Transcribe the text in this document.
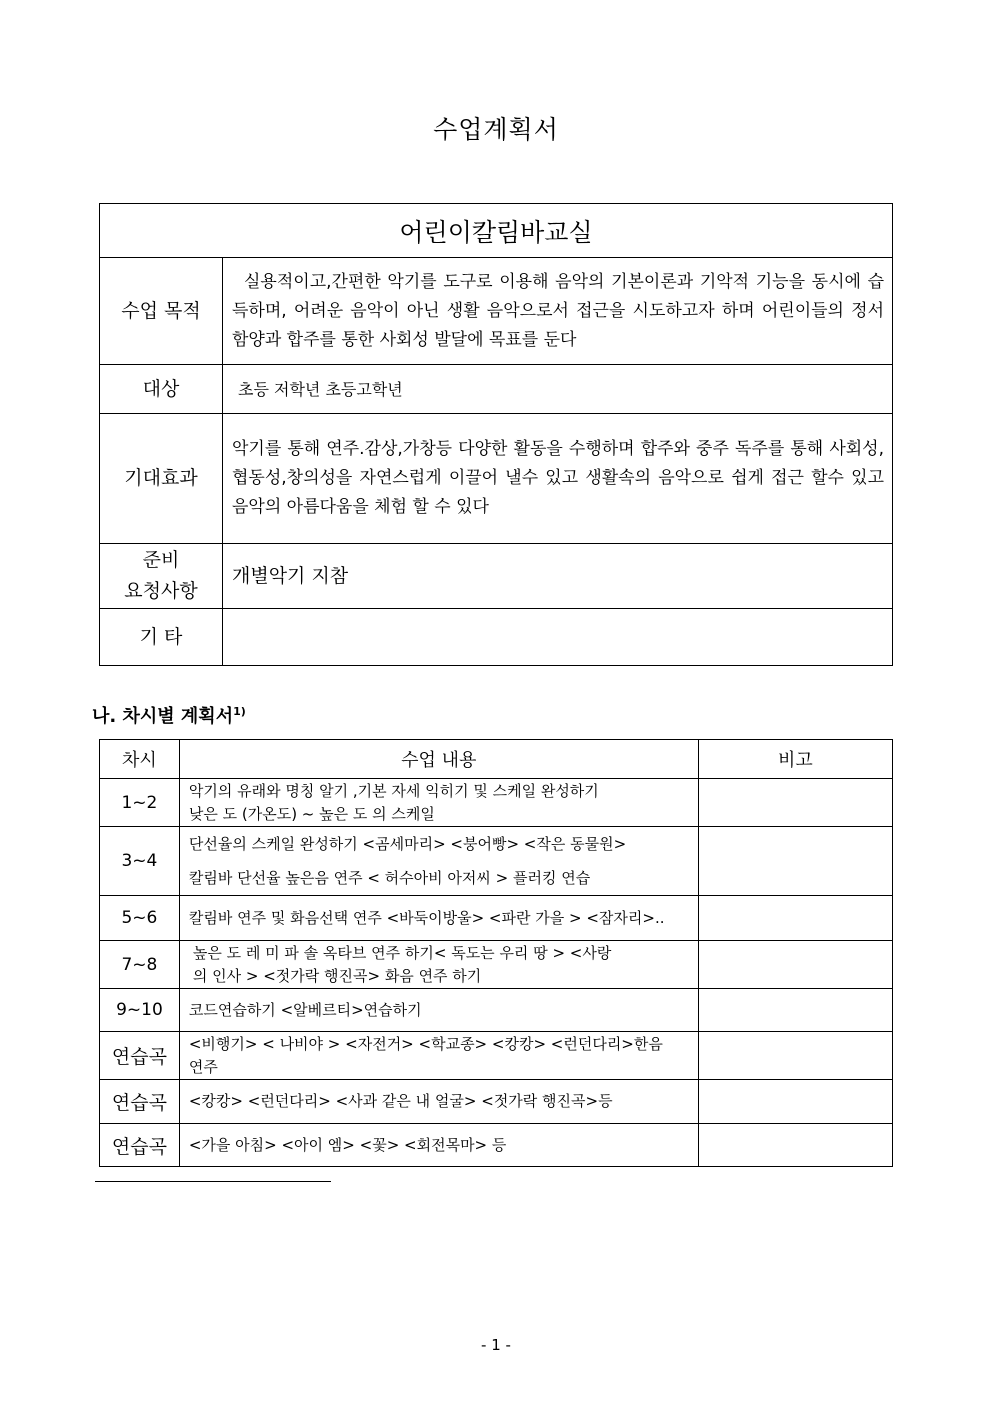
수업계획서
어린이칼림바교실	
수업 목적	실용적이고,간편한 악기를 도구로 이용해 음악의 기본이론과 기악적 기능을 동시에 습득하며, 어려운 음악이 아닌 생활 음악으로서 접근을 시도하고자 하며 어린이들의 정서 함양과 합주를 통한 사회성 발달에 목표를 둔다
대상	초등 저학년 초등고학년
기대효과	악기를 통해 연주.감상,가창등 다양한 활동을 수행하며 합주와 중주 독주를 통해 사회성,협동성,창의성을 자연스럽게 이끌어 낼수 있고 생활속의 음악으로 쉽게 접근 할수 있고 음악의 아름다움을 체험 할 수 있다

준비
요청사항	개별악기 지참
기 타	
나. 차시별 계획서$^{1)}$
차시	수업 내용	비고
1~2	악기의 유래와 명칭 알기 ,기본 자세 익히기 및 스케일 완성하기
낮은 도 (가온도) ~ 높은 도 의 스케일	

3~4	단선율의 스케일 완성하기 <곰세마리> <붕어빵> <작은 동물원>
칼림바 단선율 높은음 연주 < 허수아비 아저씨 > 플러킹 연습	

5~6	칼림바 연주 및 화음선택 연주 <바둑이방울> <파란 가을 > <잠자리>..	

7~8	높은 도 레 미 파 솔 옥타브 연주 하기< 독도는 우리 땅 > <사랑
의 인사 > <젓가락 행진곡> 화음 연주 하기	

9~10	코드연습하기 <알베르티>연습하기	

연습곡	<비행기> < 나비야 > <자전거> <학교종> <캉캉> <런던다리>한음
연주	

연습곡	<캉캉> <런던다리> <사과 같은 내 얼굴> <젓가락 행진곡>등	

연습곡	<가을 아침> <아이 엠> <꽃> <회전목마> 등	

- 1 -
